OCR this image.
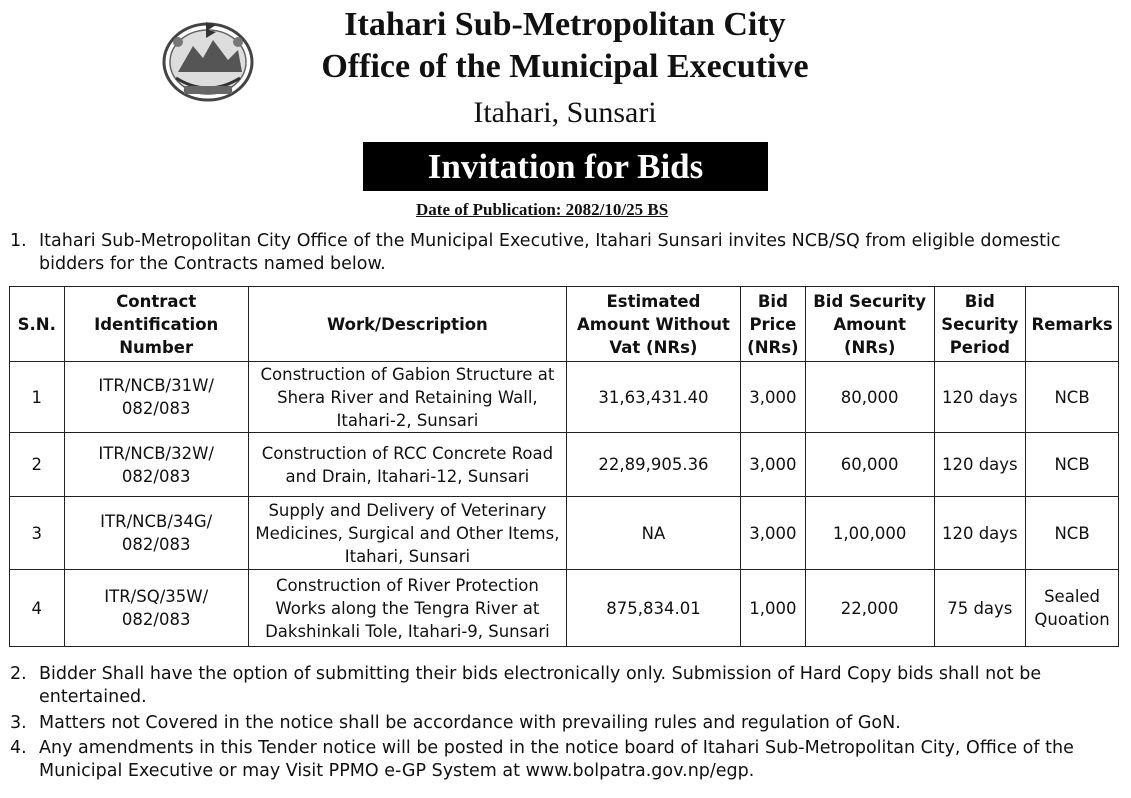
Itahari Sub-Metropolitan City
Office of the Municipal Executive
Itahari, Sunsari
Invitation for Bids
Date of Publication: 2082/10/25 BS
1. Itahari Sub-Metropolitan City Office of the Municipal Executive, Itahari Sunsari invites NCB/SQ from eligible domestic bidders for the Contracts named below.
S.N.	Contract Identification Number	Work/Description	Estimated Amount Without Vat (NRs)	Bid Price (NRs)	Bid Security Amount (NRs)	Bid Security Period	Remarks
1	ITR/NCB/31W/ 082/083	Construction of Gabion Structure at Shera River and Retaining Wall, Itahari-2, Sunsari	31,63,431.40	3,000	80,000	120 days	NCB
2	ITR/NCB/32W/ 082/083	Construction of RCC Concrete Road and Drain, Itahari-12, Sunsari	22,89,905.36	3,000	60,000	120 days	NCB
3	ITR/NCB/34G/ 082/083	Supply and Delivery of Veterinary Medicines, Surgical and Other Items, Itahari, Sunsari	NA	3,000	1,00,000	120 days	NCB
4	ITR/SQ/35W/ 082/083	Construction of River Protection Works along the Tengra River at Dakshinkali Tole, Itahari-9, Sunsari	875,834.01	1,000	22,000	75 days	Sealed Quoation
2. Bidder Shall have the option of submitting their bids electronically only. Submission of Hard Copy bids shall not be entertained.
3. Matters not Covered in the notice shall be accordance with prevailing rules and regulation of GoN.
4. Any amendments in this Tender notice will be posted in the notice board of Itahari Sub-Metropolitan City, Office of the Municipal Executive or may Visit PPMO e-GP System at www.bolpatra.gov.np/egp.
